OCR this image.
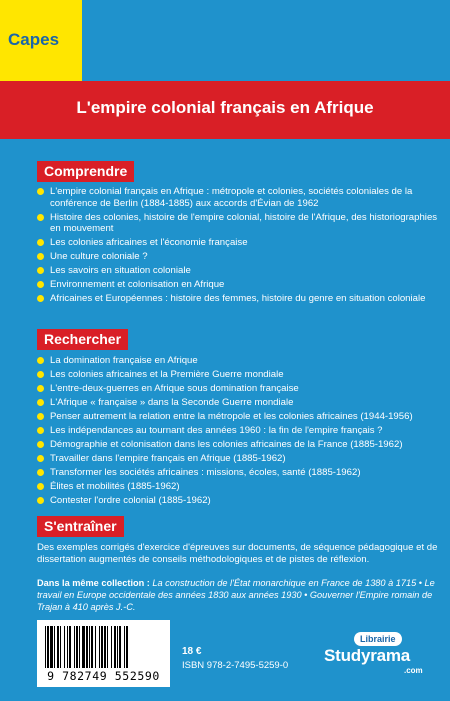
Capes
L'empire colonial français en Afrique
Comprendre
L'empire colonial français en Afrique : métropole et colonies, sociétés coloniales de la conférence de Berlin (1884-1885) aux accords d'Évian de 1962
Histoire des colonies, histoire de l'empire colonial, histoire de l'Afrique, des historiographies en mouvement
Les colonies africaines et l'économie française
Une culture coloniale ?
Les savoirs en situation coloniale
Environnement et colonisation en Afrique
Africaines et Européennes : histoire des femmes, histoire du genre en situation coloniale
Rechercher
La domination française en Afrique
Les colonies africaines et la Première Guerre mondiale
L'entre-deux-guerres en Afrique sous domination française
L'Afrique « française » dans la Seconde Guerre mondiale
Penser autrement la relation entre la métropole et les colonies africaines (1944-1956)
Les indépendances au tournant des années 1960 : la fin de l'empire français ?
Démographie et colonisation dans les colonies africaines de la France (1885-1962)
Travailler dans l'empire français en Afrique (1885-1962)
Transformer les sociétés africaines : missions, écoles, santé (1885-1962)
Élites et mobilités (1885-1962)
Contester l'ordre colonial (1885-1962)
S'entraîner
Des exemples corrigés d'exercice d'épreuves sur documents, de séquence pédagogique et de dissertation augmentés de conseils méthodologiques et de pistes de réflexion.
Dans la même collection : La construction de l'État monarchique en France de 1380 à 1715 • Le travail en Europe occidentale des années 1830 aux années 1930 • Gouverner l'Empire romain de Trajan à 410 après J.-C.
9 782749 552590
18 €
ISBN 978-2-7495-5259-0
Librairie
Studyrama
.com
